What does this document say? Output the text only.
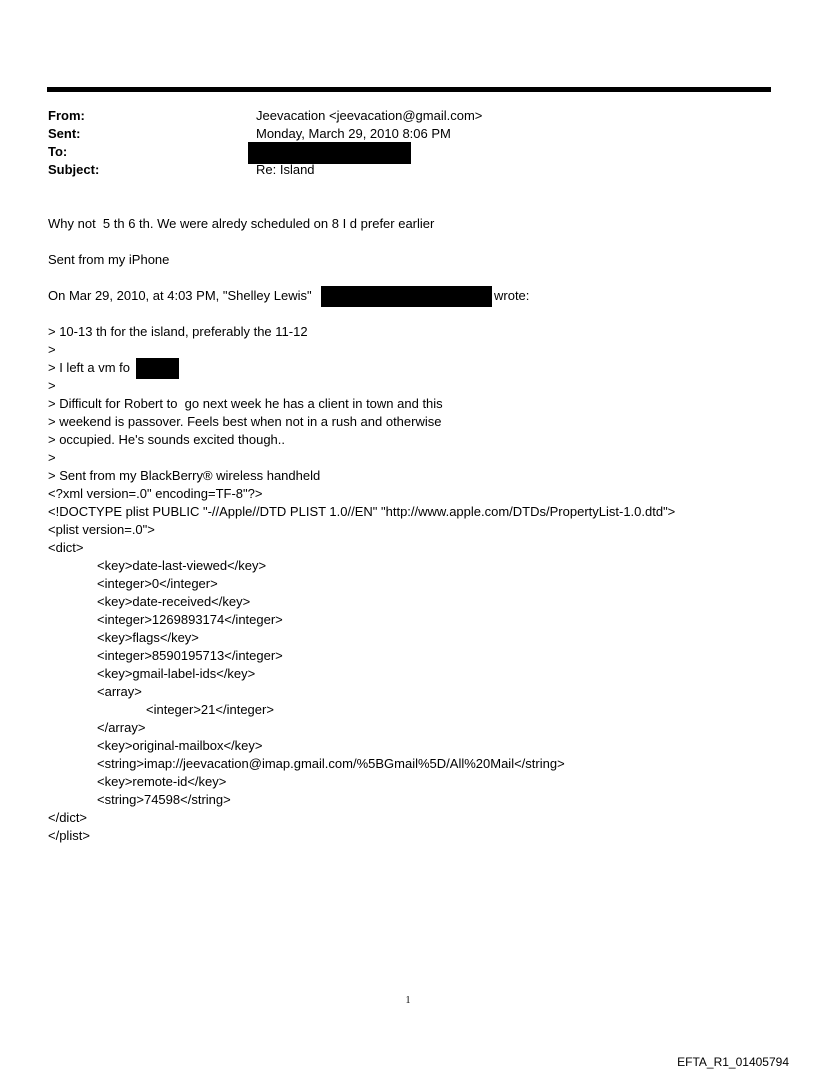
From:	Jeevacation <jeevacation@gmail.com>
Sent:	Monday, March 29, 2010 8:06 PM
To:
Subject:	Re: Island
Why not  5 th 6 th. We were alredy scheduled on 8 I d prefer earlier
Sent from my iPhone
On Mar 29, 2010, at 4:03 PM, "Shelley Lewis"	wrote:
> 10-13 th for the island, preferably the 11-12
>
> I left a vm fo
>
> Difficult for Robert to  go next week he has a client in town and this
> weekend is passover. Feels best when not in a rush and otherwise
> occupied. He's sounds excited though..
>
> Sent from my BlackBerry® wireless handheld
<?xml version=.0" encoding=TF-8"?>
<!DOCTYPE plist PUBLIC "-//Apple//DTD PLIST 1.0//EN" "http://www.apple.com/DTDs/PropertyList-1.0.dtd">
<plist version=.0">
<dict>
<key>date-last-viewed</key>
<integer>0</integer>
<key>date-received</key>
<integer>1269893174</integer>
<key>flags</key>
<integer>8590195713</integer>
<key>gmail-label-ids</key>
<array>
<integer>21</integer>
</array>
<key>original-mailbox</key>
<string>imap://jeevacation@imap.gmail.com/%5BGmail%5D/All%20Mail</string>
<key>remote-id</key>
<string>74598</string>
</dict>
</plist>
1
EFTA_R1_01405794
